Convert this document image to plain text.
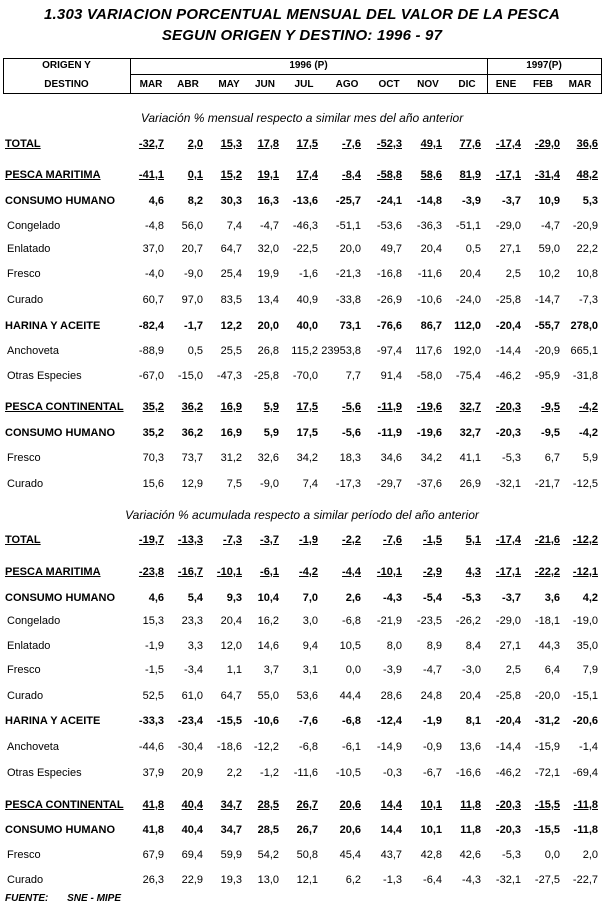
1.303 VARIACION PORCENTUAL MENSUAL DEL VALOR DE LA PESCA
SEGUN ORIGEN Y DESTINO: 1996 - 97
ORIGEN Y
DESTINO
1996 (P)	1997(P)
MAR	ABR	MAY	JUN	JUL	AGO	OCT	NOV	DIC	ENE	FEB	MAR
Variación % mensual respecto a similar mes del año anterior
Variación % acumulada respecto a similar período del año anterior
TOTAL	-32,7	2,0	15,3	17,8	17,5	-7,6	-52,3	49,1	77,6	-17,4	-29,0	36,6
PESCA MARITIMA	-41,1	0,1	15,2	19,1	17,4	-8,4	-58,8	58,6	81,9	-17,1	-31,4	48,2
CONSUMO HUMANO	4,6	8,2	30,3	16,3	-13,6	-25,7	-24,1	-14,8	-3,9	-3,7	10,9	5,3
Congelado	-4,8	56,0	7,4	-4,7	-46,3	-51,1	-53,6	-36,3	-51,1	-29,0	-4,7	-20,9
Enlatado	37,0	20,7	64,7	32,0	-22,5	20,0	49,7	20,4	0,5	27,1	59,0	22,2
Fresco	-4,0	-9,0	25,4	19,9	-1,6	-21,3	-16,8	-11,6	20,4	2,5	10,2	10,8
Curado	60,7	97,0	83,5	13,4	40,9	-33,8	-26,9	-10,6	-24,0	-25,8	-14,7	-7,3
HARINA Y ACEITE	-82,4	-1,7	12,2	20,0	40,0	73,1	-76,6	86,7	112,0	-20,4	-55,7 278,0
Anchoveta	-88,9	0,5	25,5	26,8	115,2 23953,8	-97,4	117,6	192,0	-14,4	-20,9 665,1
Otras Especies	-67,0	-15,0	-47,3	-25,8	-70,0	7,7	91,4	-58,0	-75,4	-46,2	-95,9	-31,8
PESCA CONTINENTAL	35,2	36,2	16,9	5,9	17,5	-5,6	-11,9	-19,6	32,7	-20,3	-9,5	-4,2
CONSUMO HUMANO	35,2	36,2	16,9	5,9	17,5	-5,6	-11,9	-19,6	32,7	-20,3	-9,5	-4,2
Fresco	70,3	73,7	31,2	32,6	34,2	18,3	34,6	34,2	41,1	-5,3	6,7	5,9
Curado	15,6	12,9	7,5	-9,0	7,4	-17,3	-29,7	-37,6	26,9	-32,1	-21,7	-12,5
TOTAL	-19,7	-13,3	-7,3	-3,7	-1,9	-2,2	-7,6	-1,5	5,1	-17,4	-21,6	-12,2
PESCA MARITIMA	-23,8	-16,7	-10,1	-6,1	-4,2	-4,4	-10,1	-2,9	4,3	-17,1	-22,2	-12,1
CONSUMO HUMANO	4,6	5,4	9,3	10,4	7,0	2,6	-4,3	-5,4	-5,3	-3,7	3,6	4,2
Congelado	15,3	23,3	20,4	16,2	3,0	-6,8	-21,9	-23,5	-26,2	-29,0	-18,1	-19,0
Enlatado	-1,9	3,3	12,0	14,6	9,4	10,5	8,0	8,9	8,4	27,1	44,3	35,0
Fresco	-1,5	-3,4	1,1	3,7	3,1	0,0	-3,9	-4,7	-3,0	2,5	6,4	7,9
Curado	52,5	61,0	64,7	55,0	53,6	44,4	28,6	24,8	20,4	-25,8	-20,0	-15,1
HARINA Y ACEITE	-33,3	-23,4	-15,5	-10,6	-7,6	-6,8	-12,4	-1,9	8,1	-20,4	-31,2	-20,6
Anchoveta	-44,6	-30,4	-18,6	-12,2	-6,8	-6,1	-14,9	-0,9	13,6	-14,4	-15,9	-1,4
Otras Especies	37,9	20,9	2,2	-1,2	-11,6	-10,5	-0,3	-6,7	-16,6	-46,2	-72,1	-69,4
PESCA CONTINENTAL	41,8	40,4	34,7	28,5	26,7	20,6	14,4	10,1	11,8	-20,3	-15,5	-11,8
CONSUMO HUMANO	41,8	40,4	34,7	28,5	26,7	20,6	14,4	10,1	11,8	-20,3	-15,5	-11,8
Fresco	67,9	69,4	59,9	54,2	50,8	45,4	43,7	42,8	42,6	-5,3	0,0	2,0
Curado	26,3	22,9	19,3	13,0	12,1	6,2	-1,3	-6,4	-4,3	-32,1	-27,5	-22,7
FUENTE: SNE - MIPE
